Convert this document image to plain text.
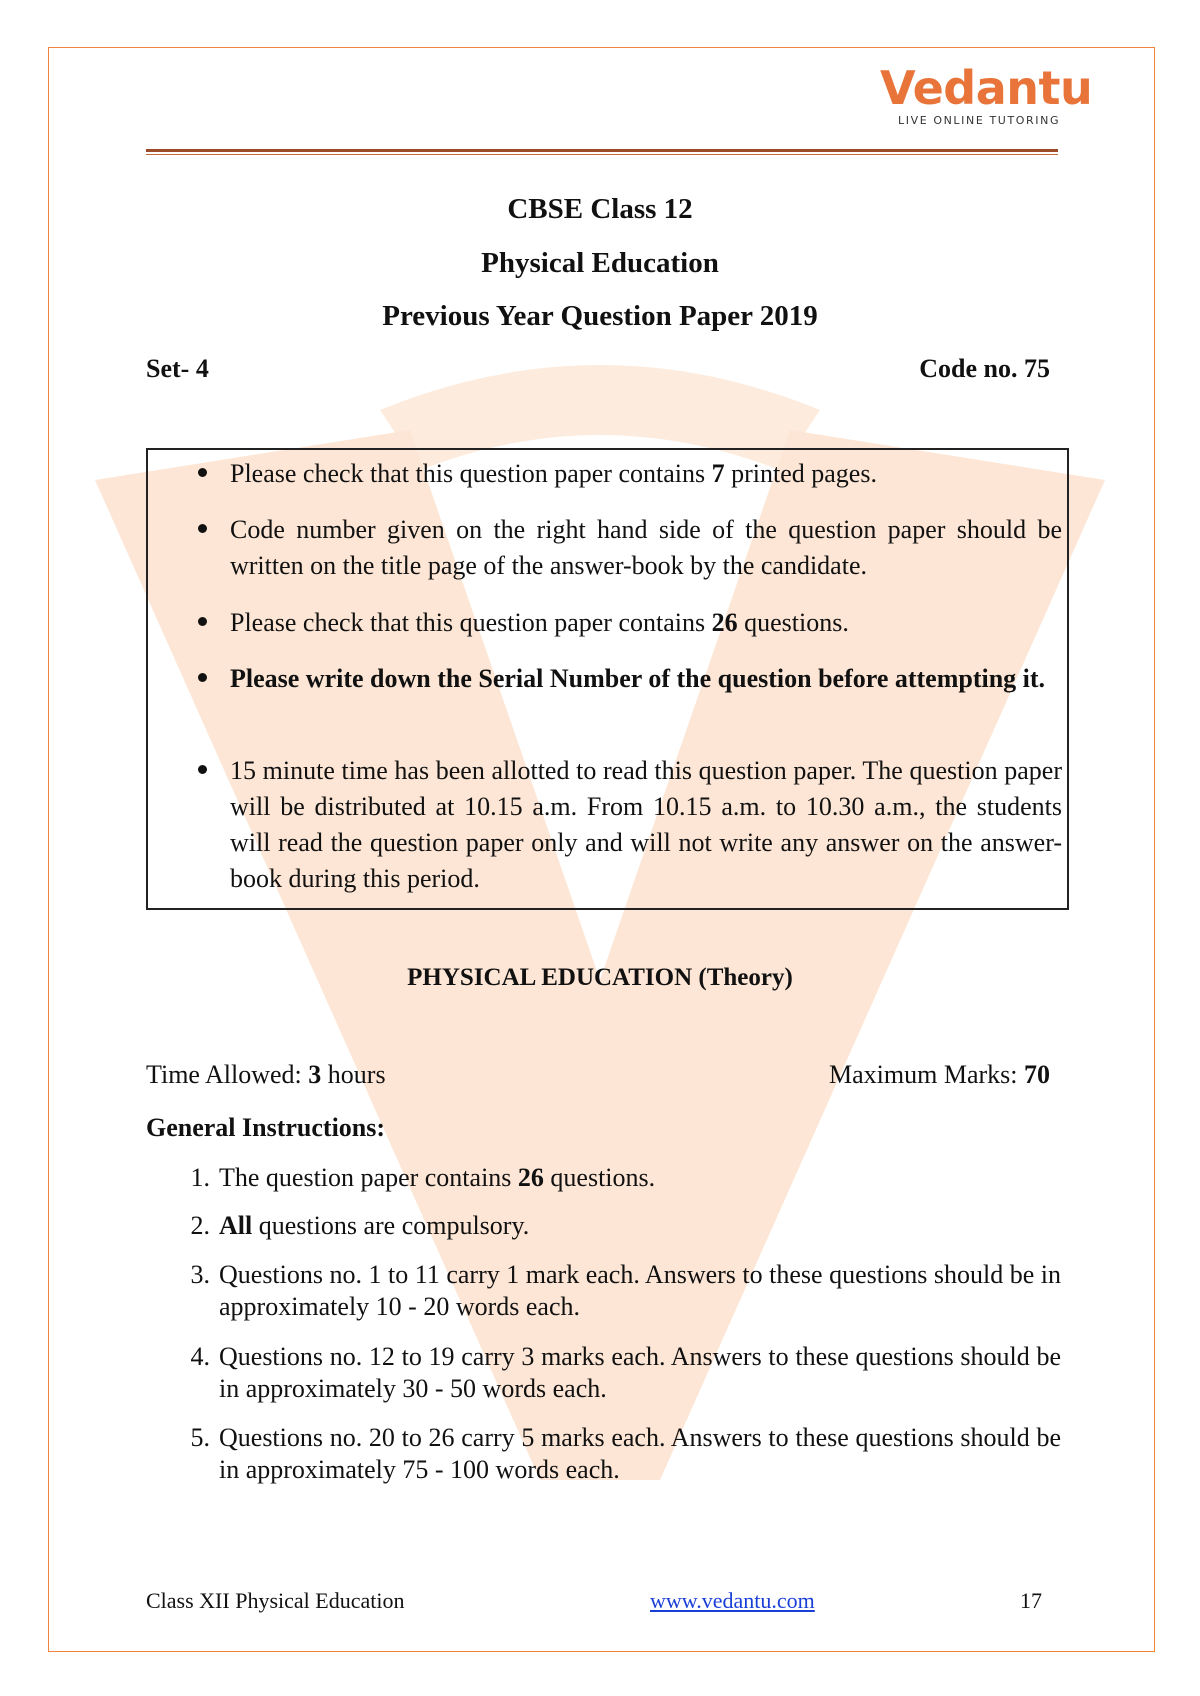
Vedantu
LIVE ONLINE TUTORING
CBSE Class 12
Physical Education
Previous Year Question Paper 2019
Set- 4	Code no. 75
Please check that this question paper contains 7 printed pages.
Code number given on the right hand side of the question paper should be written on the title page of the answer-book by the candidate.
Please check that this question paper contains 26 questions.
Please write down the Serial Number of the question before attempting it.
15 minute time has been allotted to read this question paper. The question paper will be distributed at 10.15 a.m. From 10.15 a.m. to 10.30 a.m., the students will read the question paper only and will not write any answer on the answer-book during this period.
PHYSICAL EDUCATION (Theory)
Time Allowed: 3 hours	Maximum Marks: 70
General Instructions:
1. The question paper contains 26 questions.
2. All questions are compulsory.
3. Questions no. 1 to 11 carry 1 mark each. Answers to these questions should be in approximately 10 - 20 words each.
4. Questions no. 12 to 19 carry 3 marks each. Answers to these questions should be in approximately 30 - 50 words each.
5. Questions no. 20 to 26 carry 5 marks each. Answers to these questions should be in approximately 75 - 100 words each.
Class XII Physical Education	www.vedantu.com	17
